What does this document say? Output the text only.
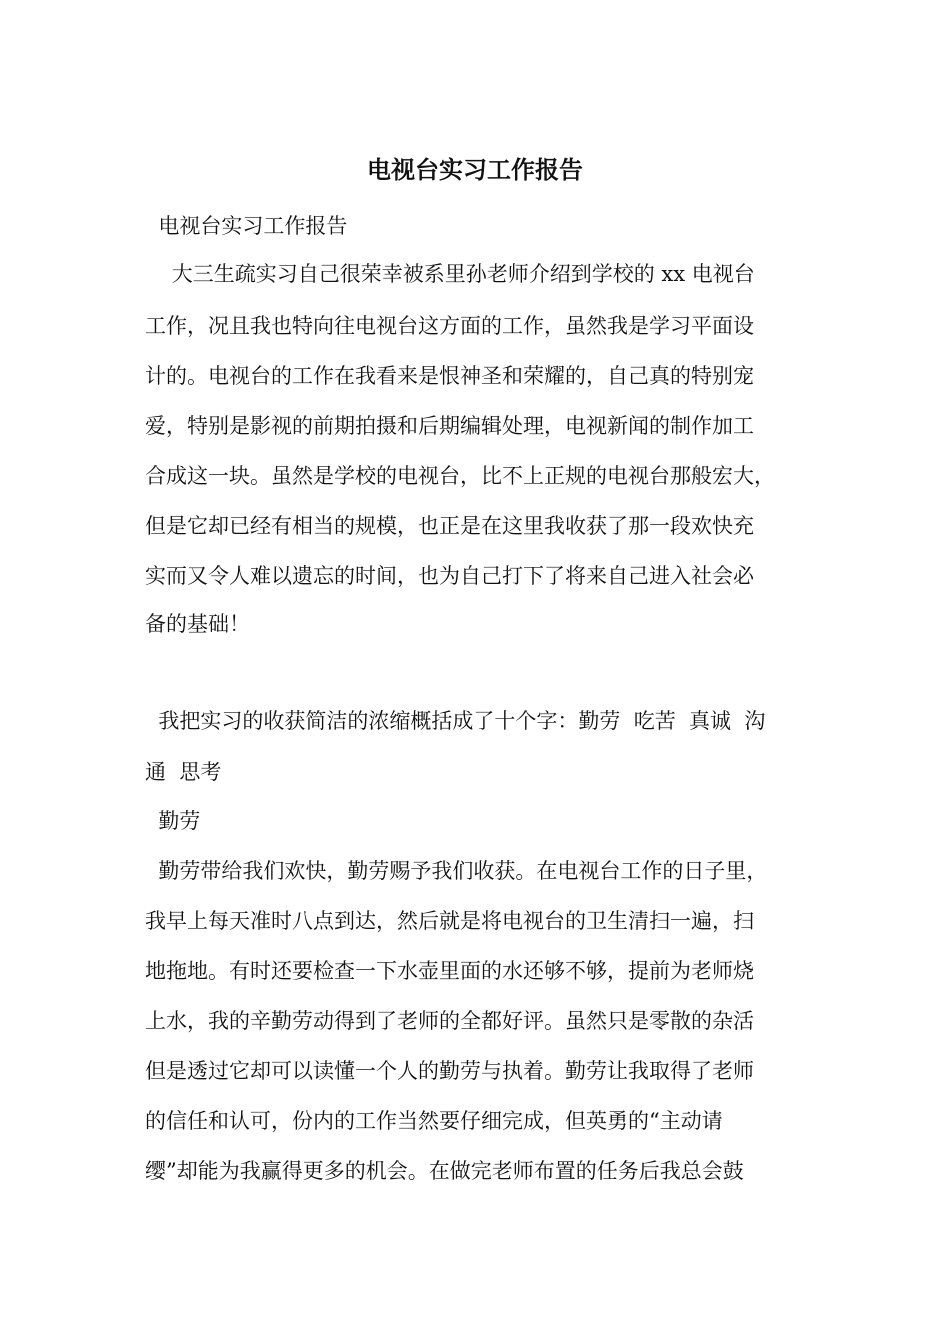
电视台实习工作报告

电视台实习工作报告

大三生疏实习自己很荣幸被系里孙老师介绍到学校的 xx 电视台

工作，况且我也特向往电视台这方面的工作，虽然我是学习平面设

计的。电视台的工作在我看来是恨神圣和荣耀的，自己真的特别宠

爱，特别是影视的前期拍摄和后期编辑处理，电视新闻的制作加工

合成这一块。虽然是学校的电视台，比不上正规的电视台那般宏大，

但是它却已经有相当的规模，也正是在这里我收获了那一段欢快充

实而又令人难以遗忘的时间，也为自己打下了将来自己进入社会必

备的基础！

我把实习的收获简洁的浓缩概括成了十个字：勤劳  吃苦  真诚  沟

通  思考

勤劳

勤劳带给我们欢快，勤劳赐予我们收获。在电视台工作的日子里，

我早上每天准时八点到达，然后就是将电视台的卫生清扫一遍，扫

地拖地。有时还要检查一下水壶里面的水还够不够，提前为老师烧

上水，我的辛勤劳动得到了老师的全都好评。虽然只是零散的杂活

但是透过它却可以读懂一个人的勤劳与执着。勤劳让我取得了老师

的信任和认可，份内的工作当然要仔细完成，但英勇的“主动请

缨”却能为我赢得更多的机会。在做完老师布置的任务后我总会鼓
